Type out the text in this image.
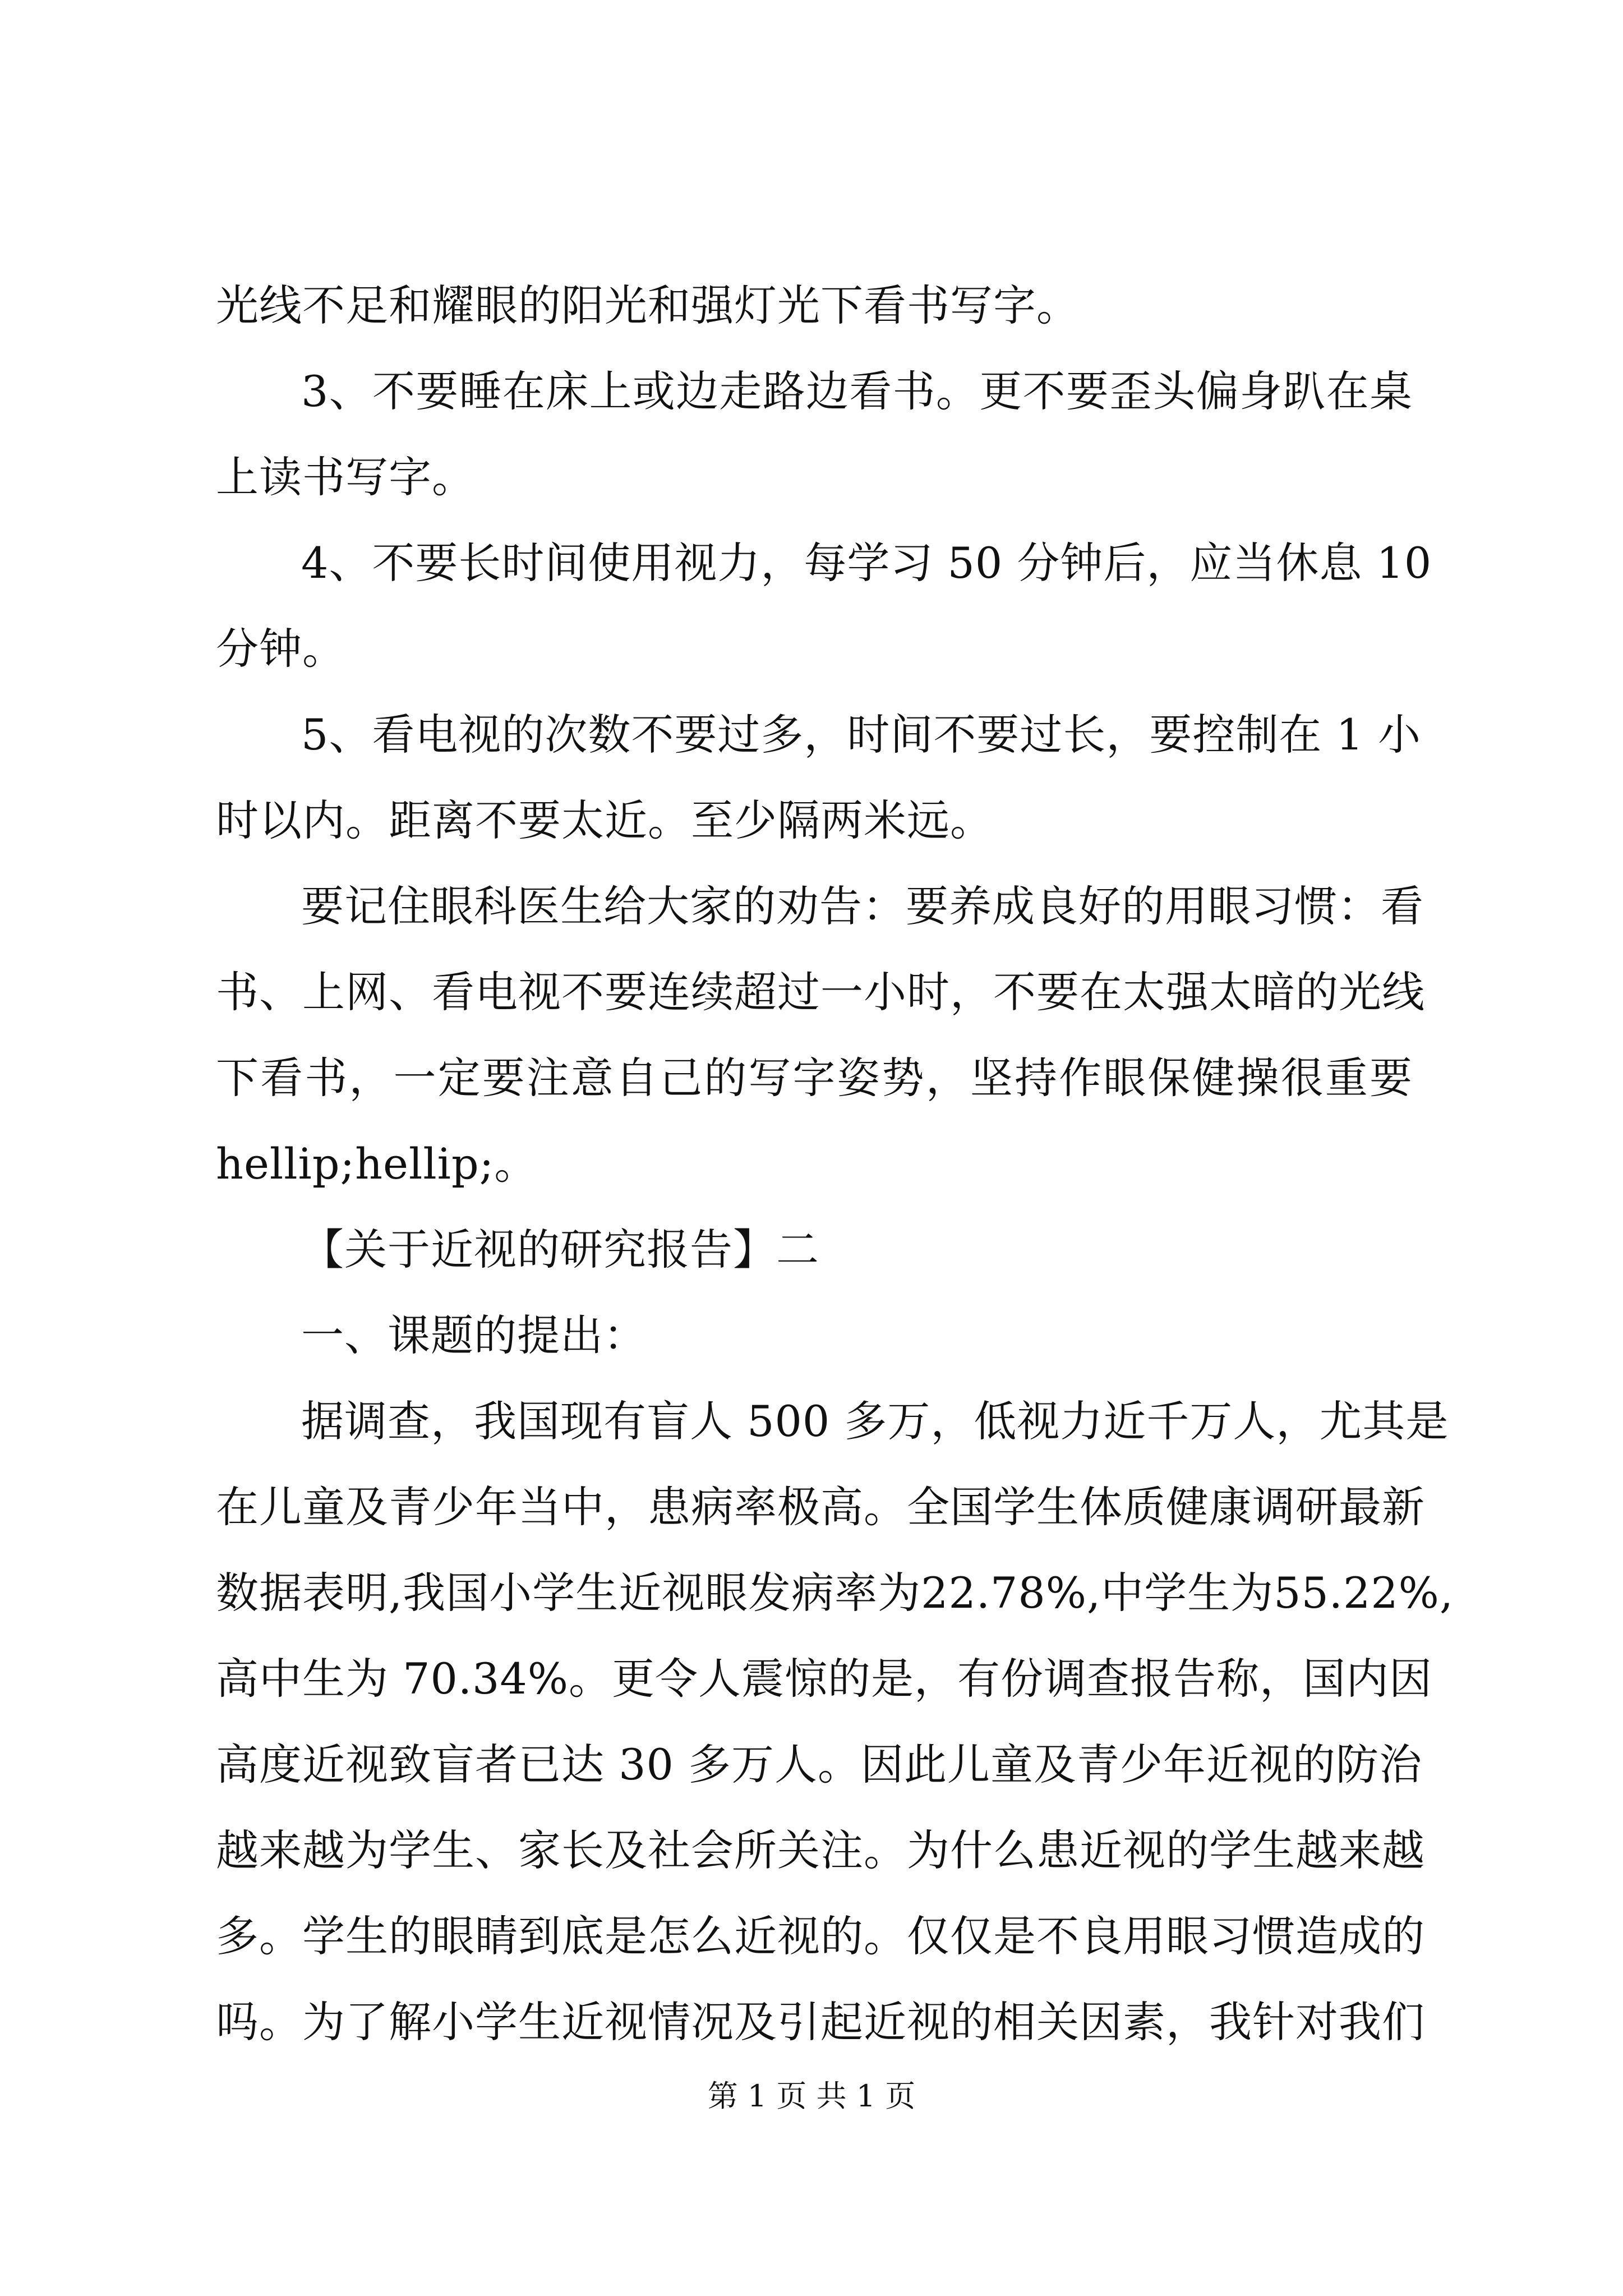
光线不足和耀眼的阳光和强灯光下看书写字。
3、不要睡在床上或边走路边看书。更不要歪头偏身趴在桌
上读书写字。
4、不要长时间使用视力，每学习 50 分钟后，应当休息 10
分钟。
5、看电视的次数不要过多，时间不要过长，要控制在 1 小
时以内。距离不要太近。至少隔两米远。
要记住眼科医生给大家的劝告：要养成良好的用眼习惯：看
书、上网、看电视不要连续超过一小时，不要在太强太暗的光线
下看书，一定要注意自己的写字姿势，坚持作眼保健操很重要
hellip;hellip;。
【关于近视的研究报告】二
一、课题的提出：
据调查，我国现有盲人 500 多万，低视力近千万人，尤其是
在儿童及青少年当中，患病率极高。全国学生体质健康调研最新
数据表明,我国小学生近视眼发病率为22.78%,中学生为55.22%,
高中生为 70.34%。更令人震惊的是，有份调查报告称，国内因
高度近视致盲者已达 30 多万人。因此儿童及青少年近视的防治
越来越为学生、家长及社会所关注。为什么患近视的学生越来越
多。学生的眼睛到底是怎么近视的。仅仅是不良用眼习惯造成的
吗。为了解小学生近视情况及引起近视的相关因素，我针对我们
第 1 页 共 1 页
